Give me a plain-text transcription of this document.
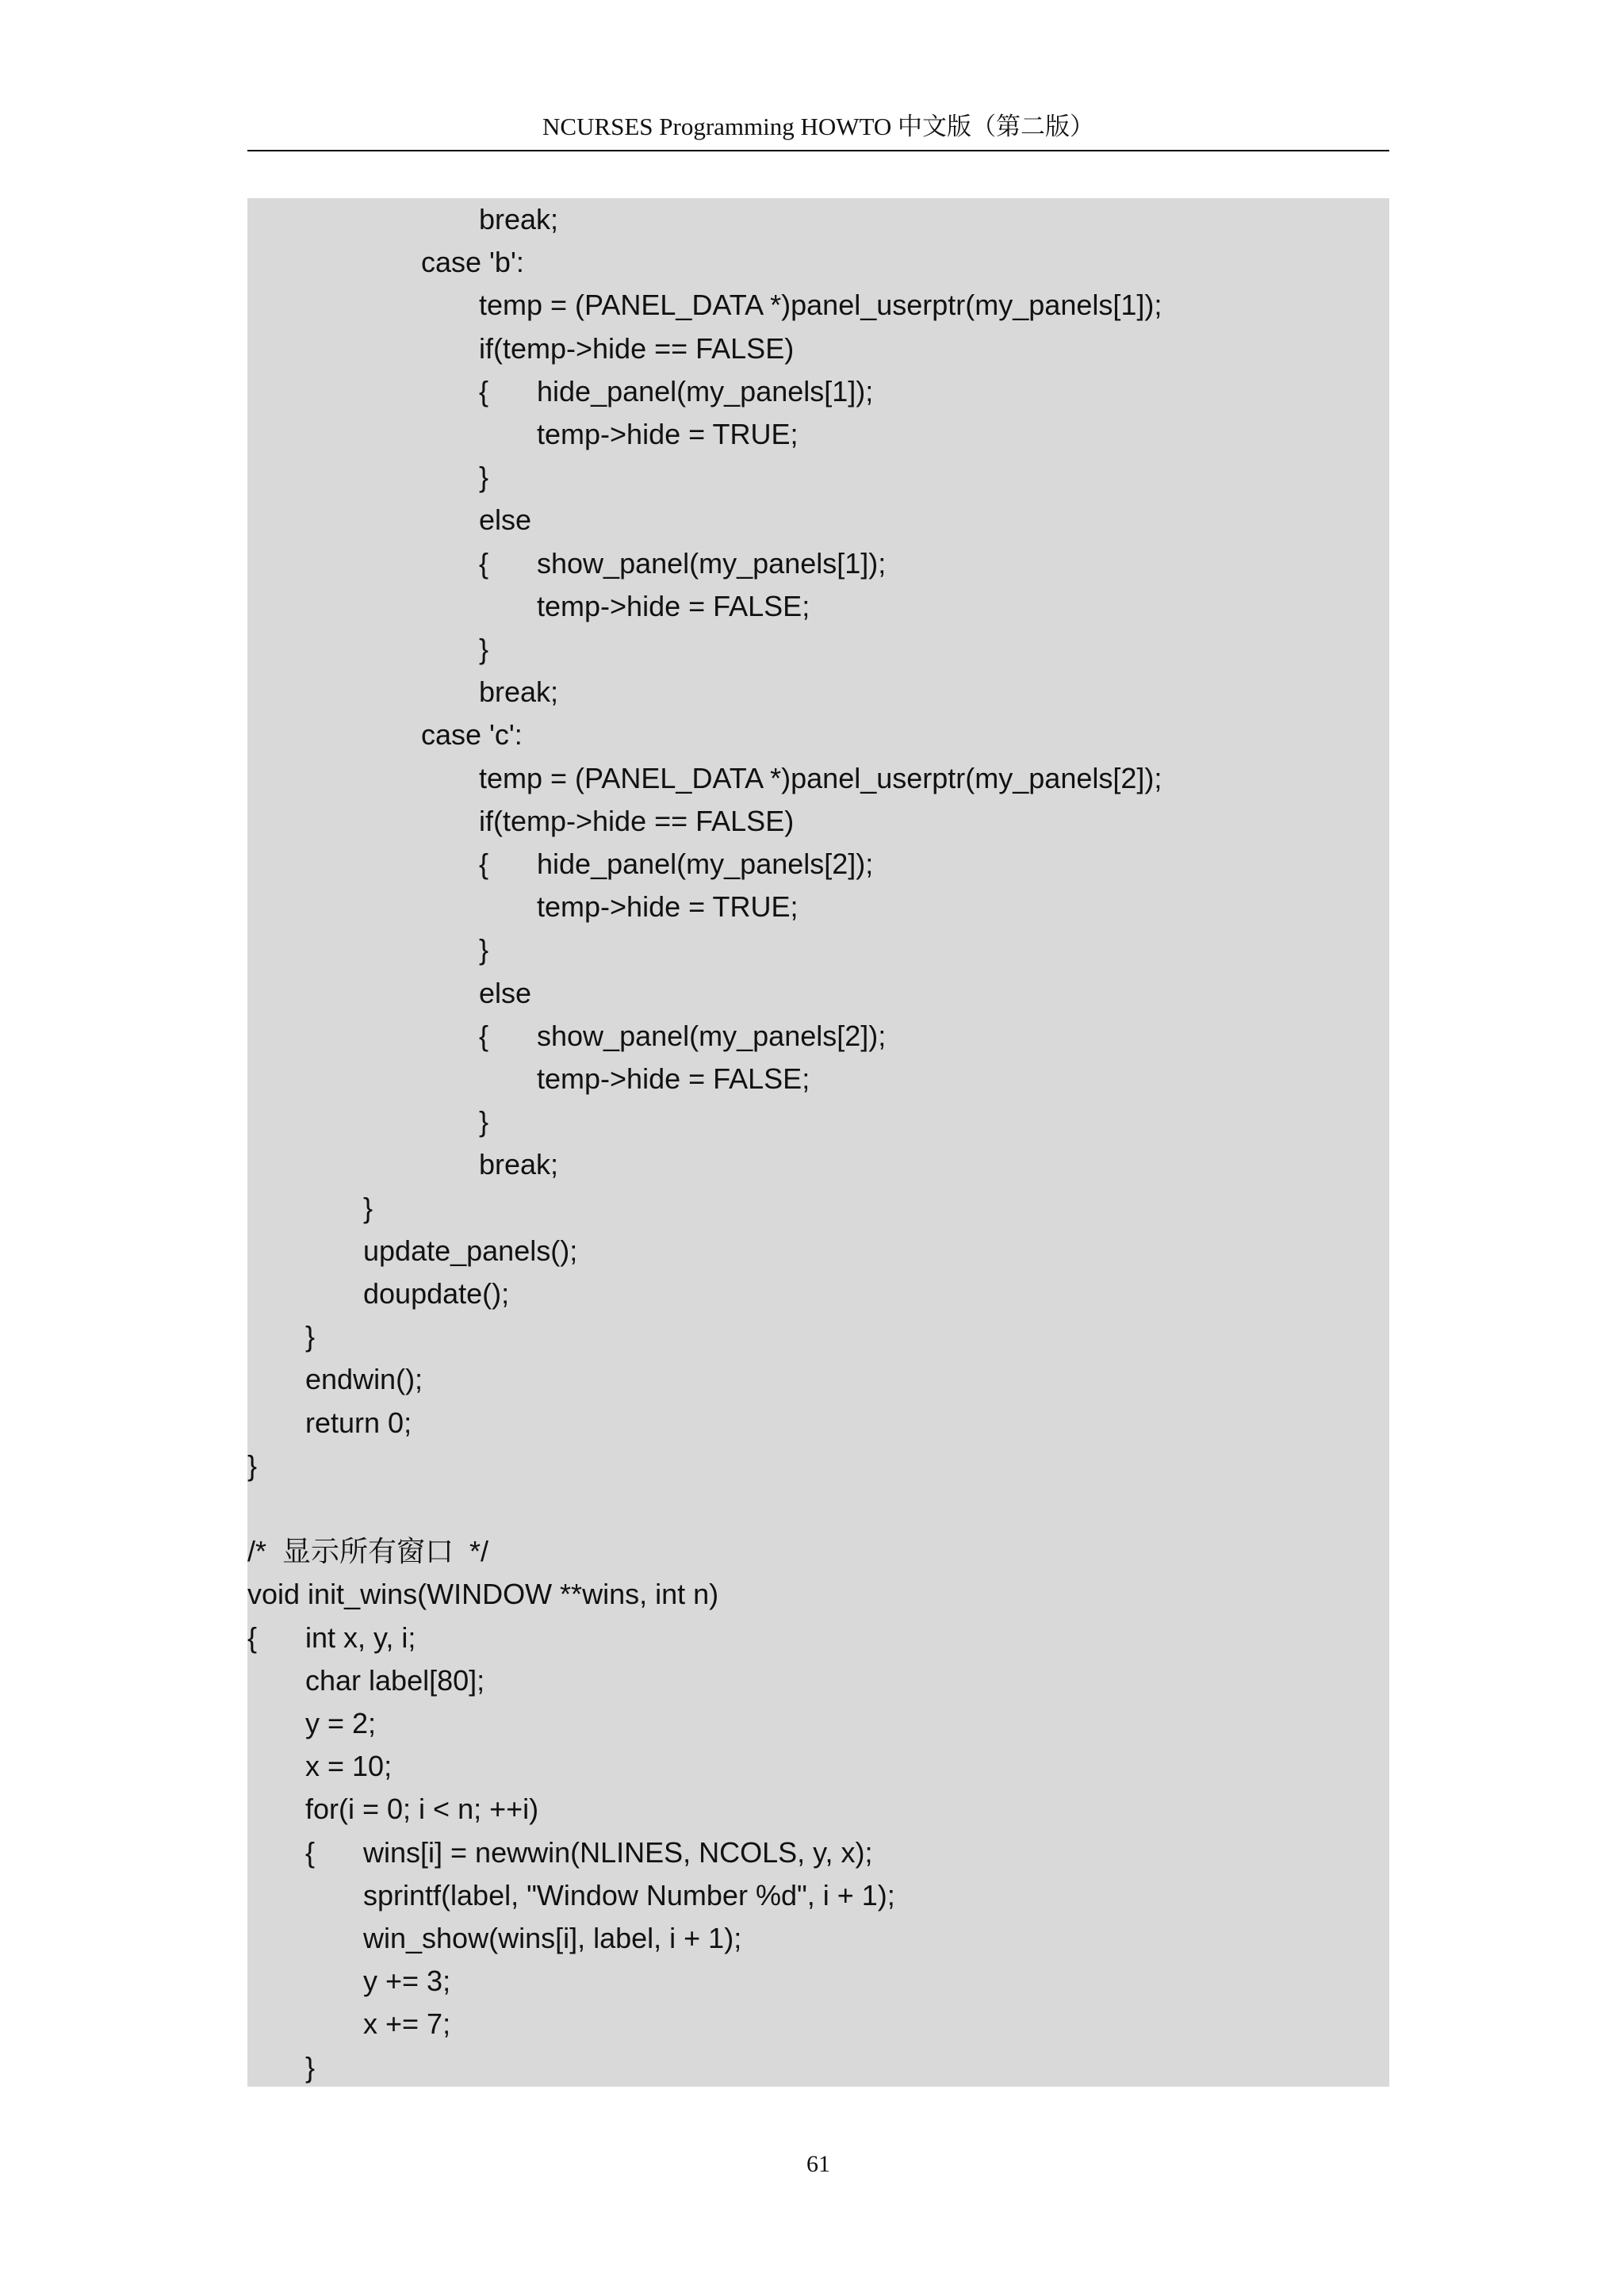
NCURSES Programming HOWTO 中文版（第二版）
break;
case 'b':
temp = (PANEL_DATA *)panel_userptr(my_panels[1]);
if(temp->hide == FALSE)
{ hide_panel(my_panels[1]);
temp->hide = TRUE;
}
else
{ show_panel(my_panels[1]);
temp->hide = FALSE;
}
break;
case 'c':
temp = (PANEL_DATA *)panel_userptr(my_panels[2]);
if(temp->hide == FALSE)
{ hide_panel(my_panels[2]);
temp->hide = TRUE;
}
else
{ show_panel(my_panels[2]);
temp->hide = FALSE;
}
break;
}
update_panels();
doupdate();
}
endwin();
return 0;
}
/*  显示所有窗口  */
void init_wins(WINDOW **wins, int n)
{ int x, y, i;
char label[80];
y = 2;
x = 10;
for(i = 0; i < n; ++i)
{ wins[i] = newwin(NLINES, NCOLS, y, x);
sprintf(label, "Window Number %d", i + 1);
win_show(wins[i], label, i + 1);
y += 3;
x += 7;
}
61
